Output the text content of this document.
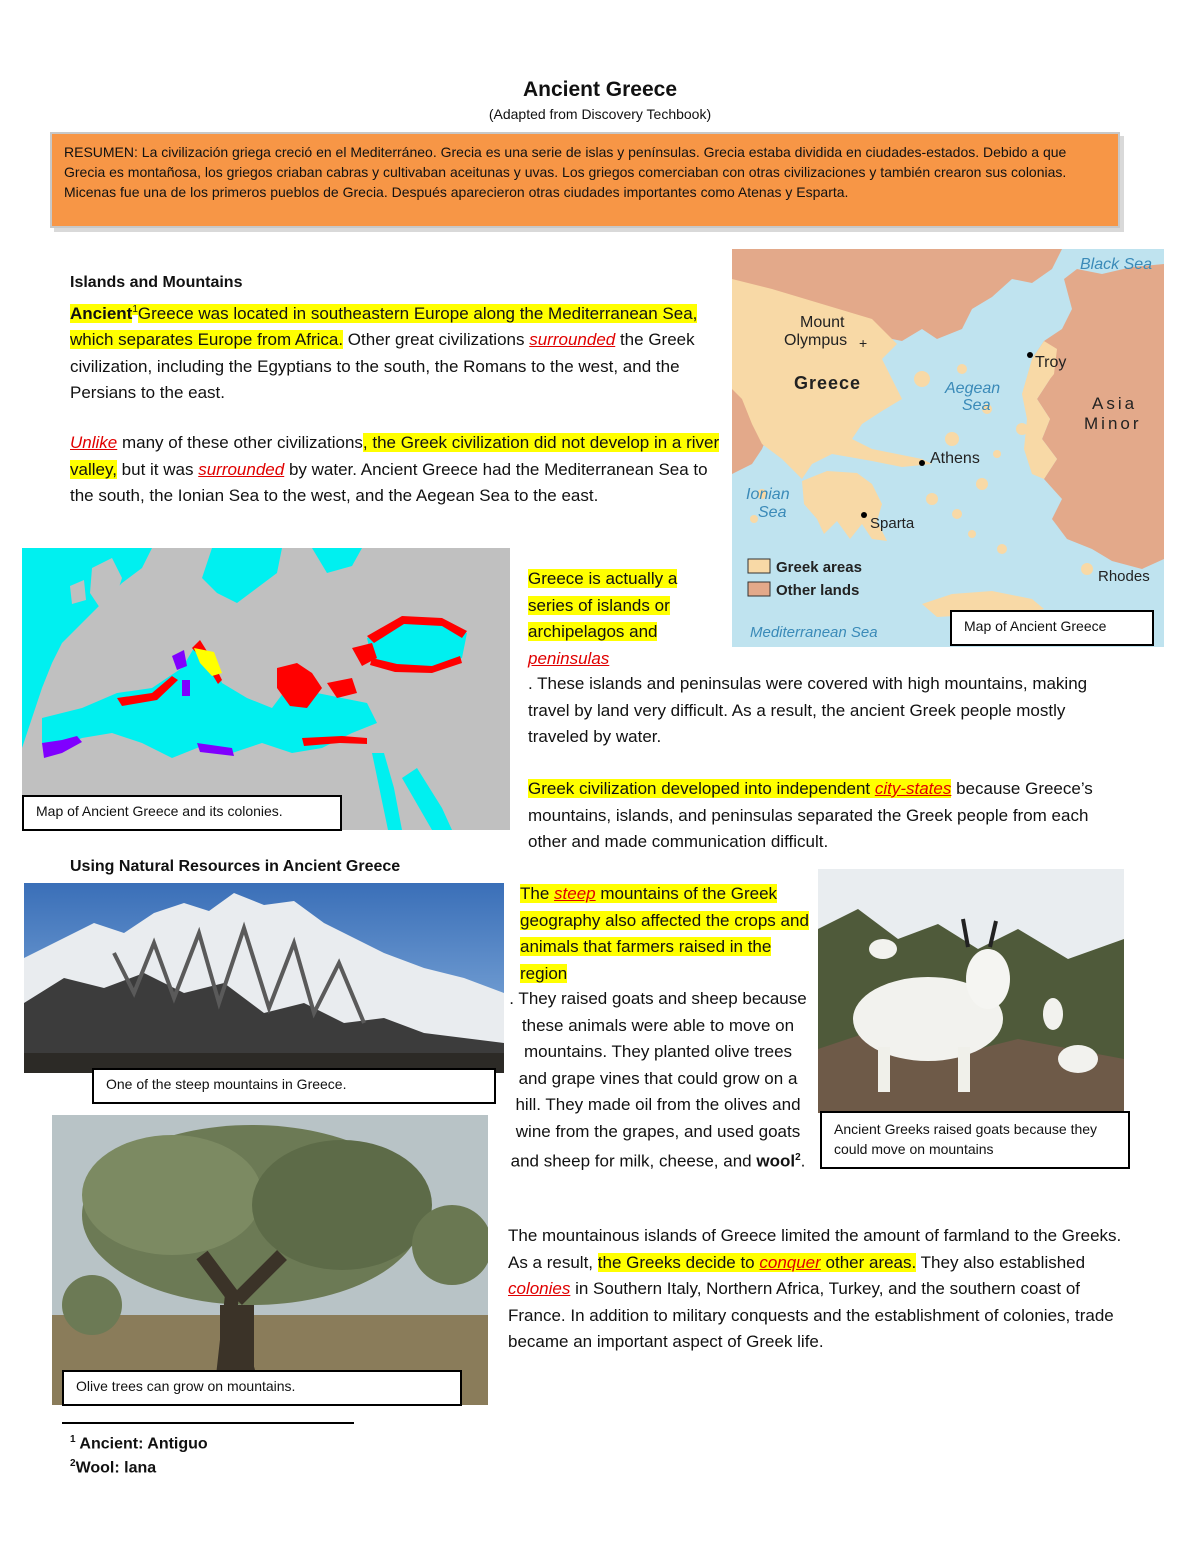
Ancient Greece
(Adapted from Discovery Techbook)
RESUMEN: La civilización griega creció en el Mediterráneo. Grecia es una serie de islas y penínsulas. Grecia estaba dividida en ciudades-estados. Debido a que Grecia es montañosa, los griegos criaban cabras y cultivaban aceitunas y uvas. Los griegos comerciaban con otras civilizaciones y también crearon sus colonias. Micenas fue una de los primeros pueblos de Grecia. Después aparecieron otras ciudades importantes como Atenas y Esparta.
Islands and Mountains
Ancient$^1$Greece was located in southeastern Europe along the Mediterranean Sea, which separates Europe from Africa. Other great civilizations surrounded the Greek civilization, including the Egyptians to the south, the Romans to the west, and the Persians to the east.
Unlike many of these other civilizations, the Greek civilization did not develop in a river valley, but it was surrounded by water. Ancient Greece had the Mediterranean Sea to the south, the Ionian Sea to the west, and the Aegean Sea to the east.
Black Sea
Mount
Olympus +
Greece
Troy
Aegean
Sea	Asia
Minor
Athens
Ionian
Sea
Sparta
Rhodes
Mediterranean Sea
Greek areas
Other lands
Map of Ancient Greece
Map of Ancient Greece and its colonies.
Greece is actually a series of islands or archipelagos and peninsulas
. These islands and peninsulas were covered with high mountains, making travel by land very difficult. As a result, the ancient Greek people mostly traveled by water.
Greek civilization developed into independent city-states because Greece’s mountains, islands, and peninsulas separated the Greek people from each other and made communication difficult.
Using Natural Resources in Ancient Greece
One of the steep mountains in Greece.
Ancient Greeks raised goats because they could move on mountains
Olive trees can grow on mountains.
The steep mountains of the Greek geography also affected the crops and animals that farmers raised in the region
. They raised goats and sheep because these animals were able to move on mountains. They planted olive trees and grape vines that could grow on a hill. They made oil from the olives and wine from the grapes, and used goats and sheep for milk, cheese, and wool$^2$.
The mountainous islands of Greece limited the amount of farmland to the Greeks. As a result, the Greeks decide to conquer other areas. They also established colonies in Southern Italy, Northern Africa, Turkey, and the southern coast of France. In addition to military conquests and the establishment of colonies, trade became an important aspect of Greek life.
$^1$ Ancient: Antiguo
$^2$Wool: lana
